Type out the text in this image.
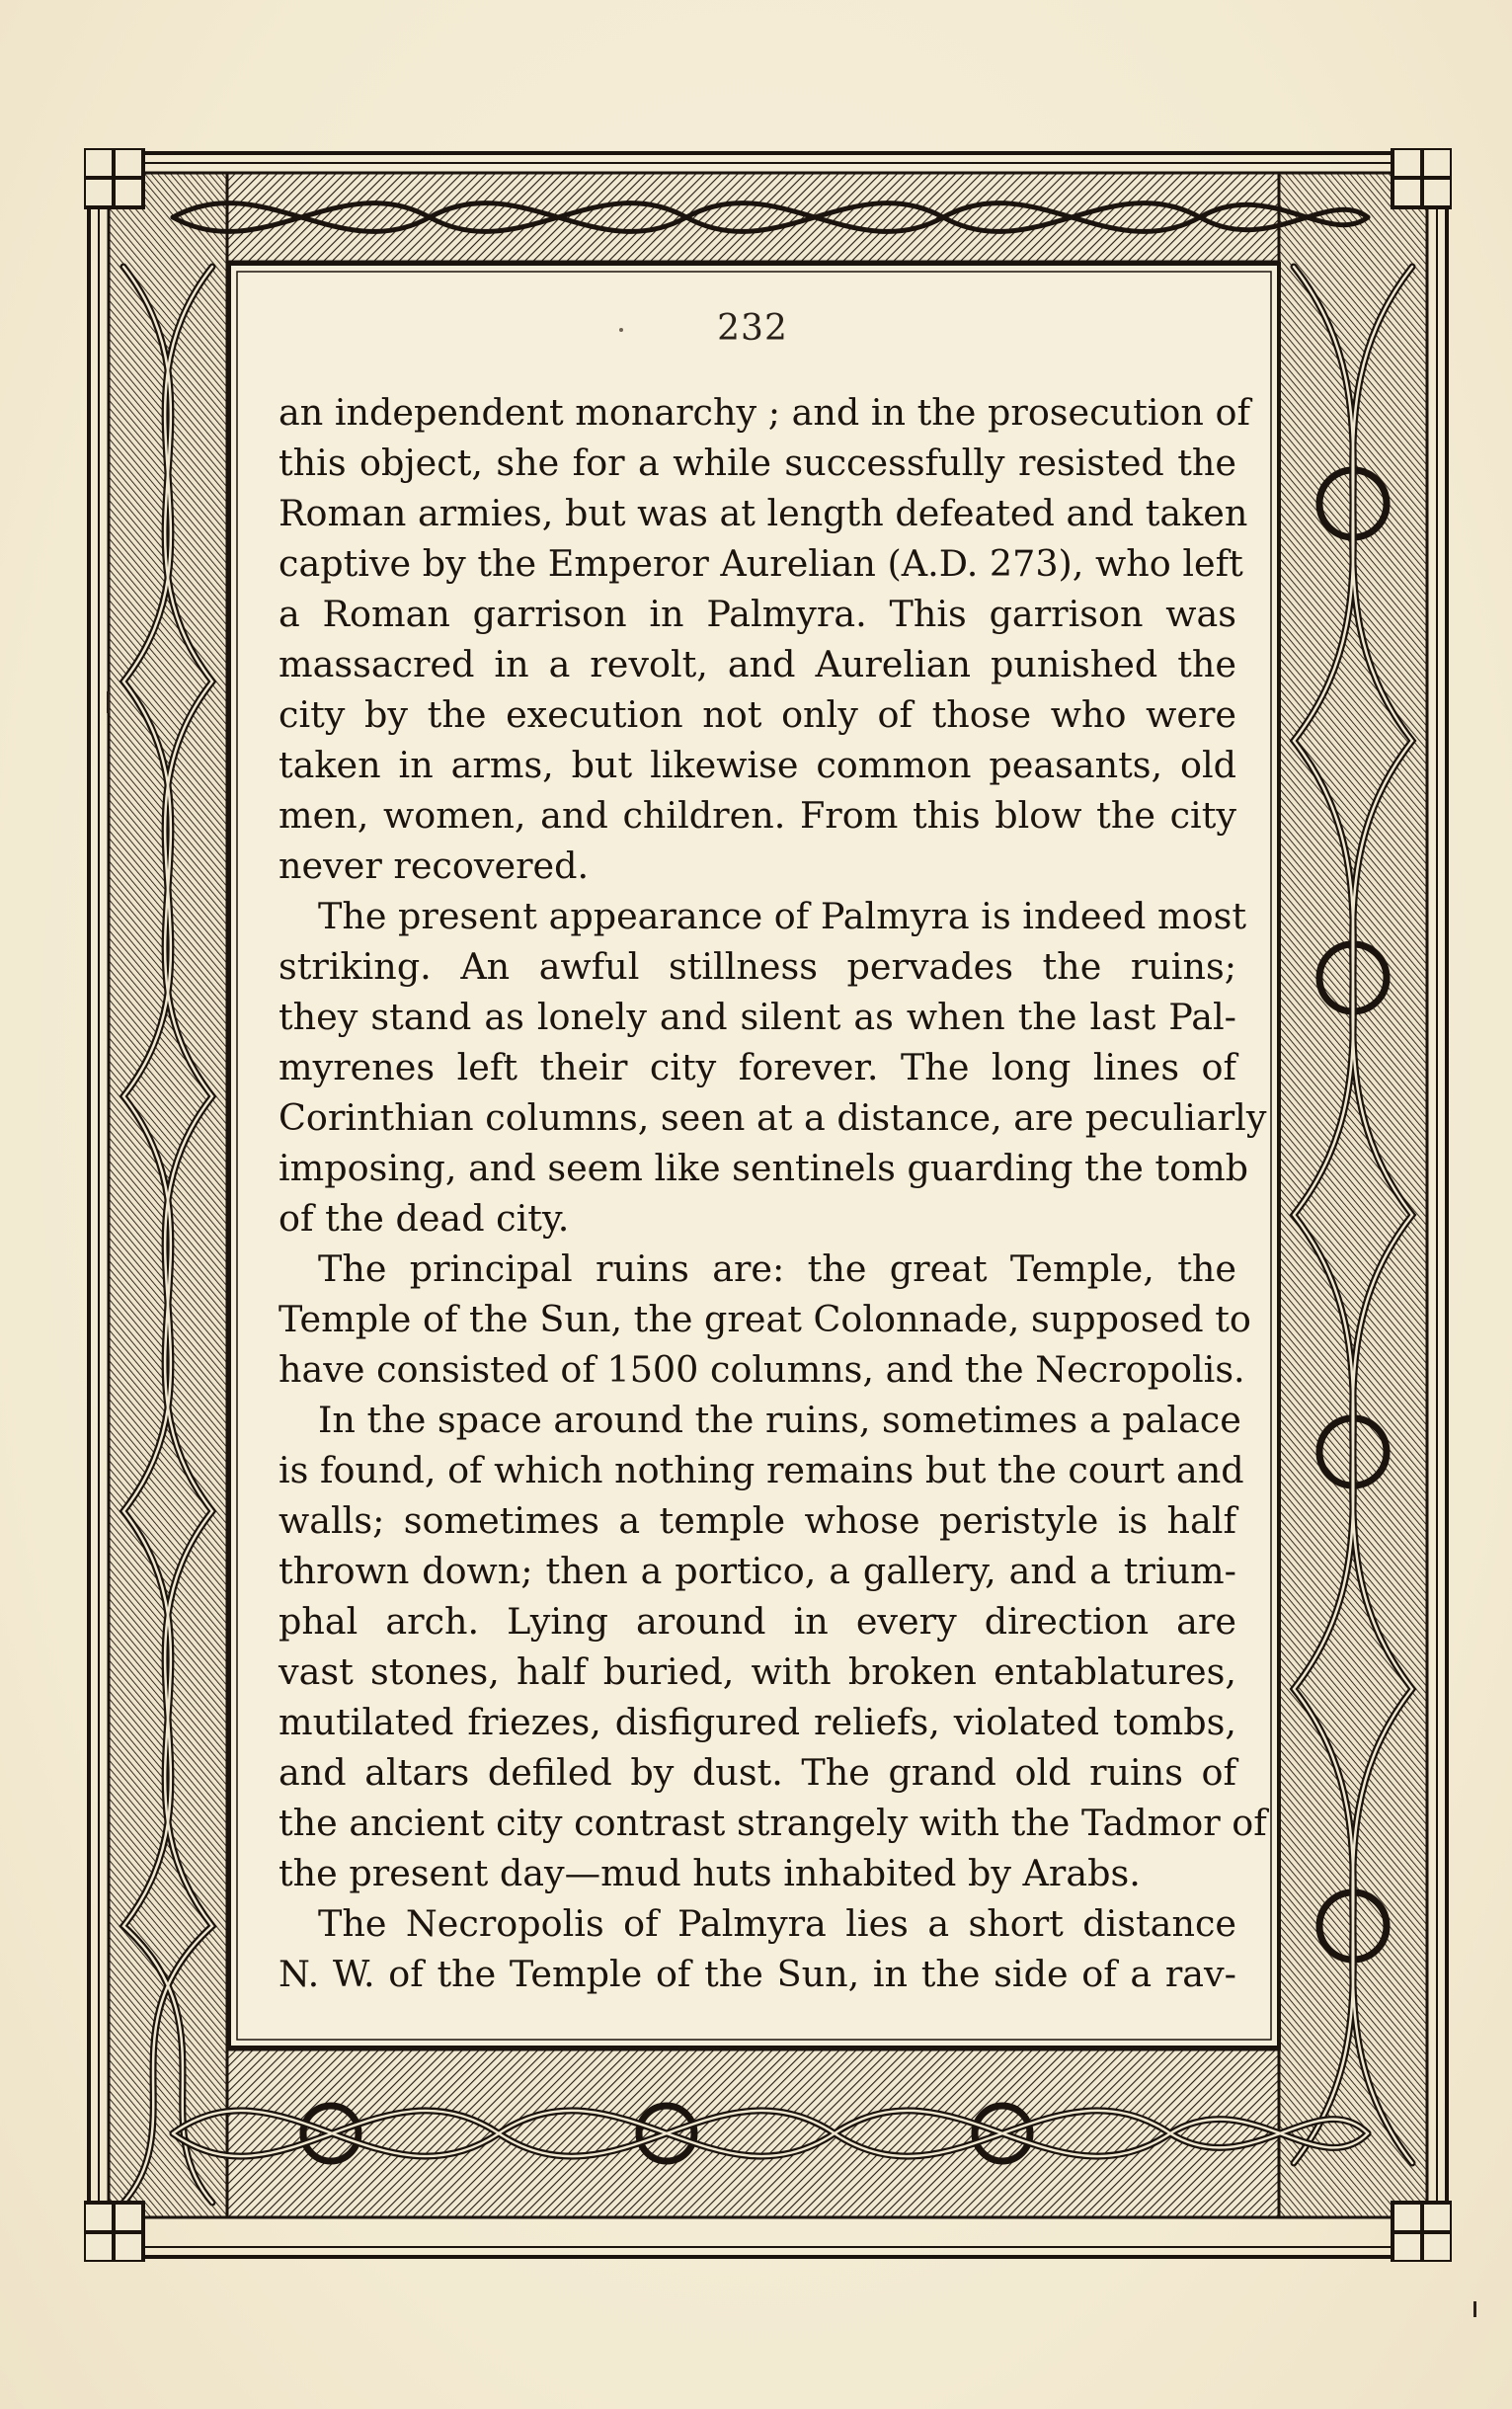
232
an independent monarchy ; and in the prosecution of
this object, she for a while successfully resisted the
Roman armies, but was at length defeated and taken
captive by the Emperor Aurelian (A.D. 273), who left
a Roman garrison in Palmyra. This garrison was
massacred in a revolt, and Aurelian punished the
city by the execution not only of those who were
taken in arms, but likewise common peasants, old
men, women, and children. From this blow the city
never recovered.
The present appearance of Palmyra is indeed most
striking. An awful stillness pervades the ruins;
they stand as lonely and silent as when the last Pal-
myrenes left their city forever. The long lines of
Corinthian columns, seen at a distance, are peculiarly
imposing, and seem like sentinels guarding the tomb
of the dead city.
The principal ruins are: the great Temple, the
Temple of the Sun, the great Colonnade, supposed to
have consisted of 1500 columns, and the Necropolis.
In the space around the ruins, sometimes a palace
is found, of which nothing remains but the court and
walls; sometimes a temple whose peristyle is half
thrown down; then a portico, a gallery, and a trium-
phal arch. Lying around in every direction are
vast stones, half buried, with broken entablatures,
mutilated friezes, disfigured reliefs, violated tombs,
and altars defiled by dust. The grand old ruins of
the ancient city contrast strangely with the Tadmor of
the present day—mud huts inhabited by Arabs.
The Necropolis of Palmyra lies a short distance
N. W. of the Temple of the Sun, in the side of a rav-
